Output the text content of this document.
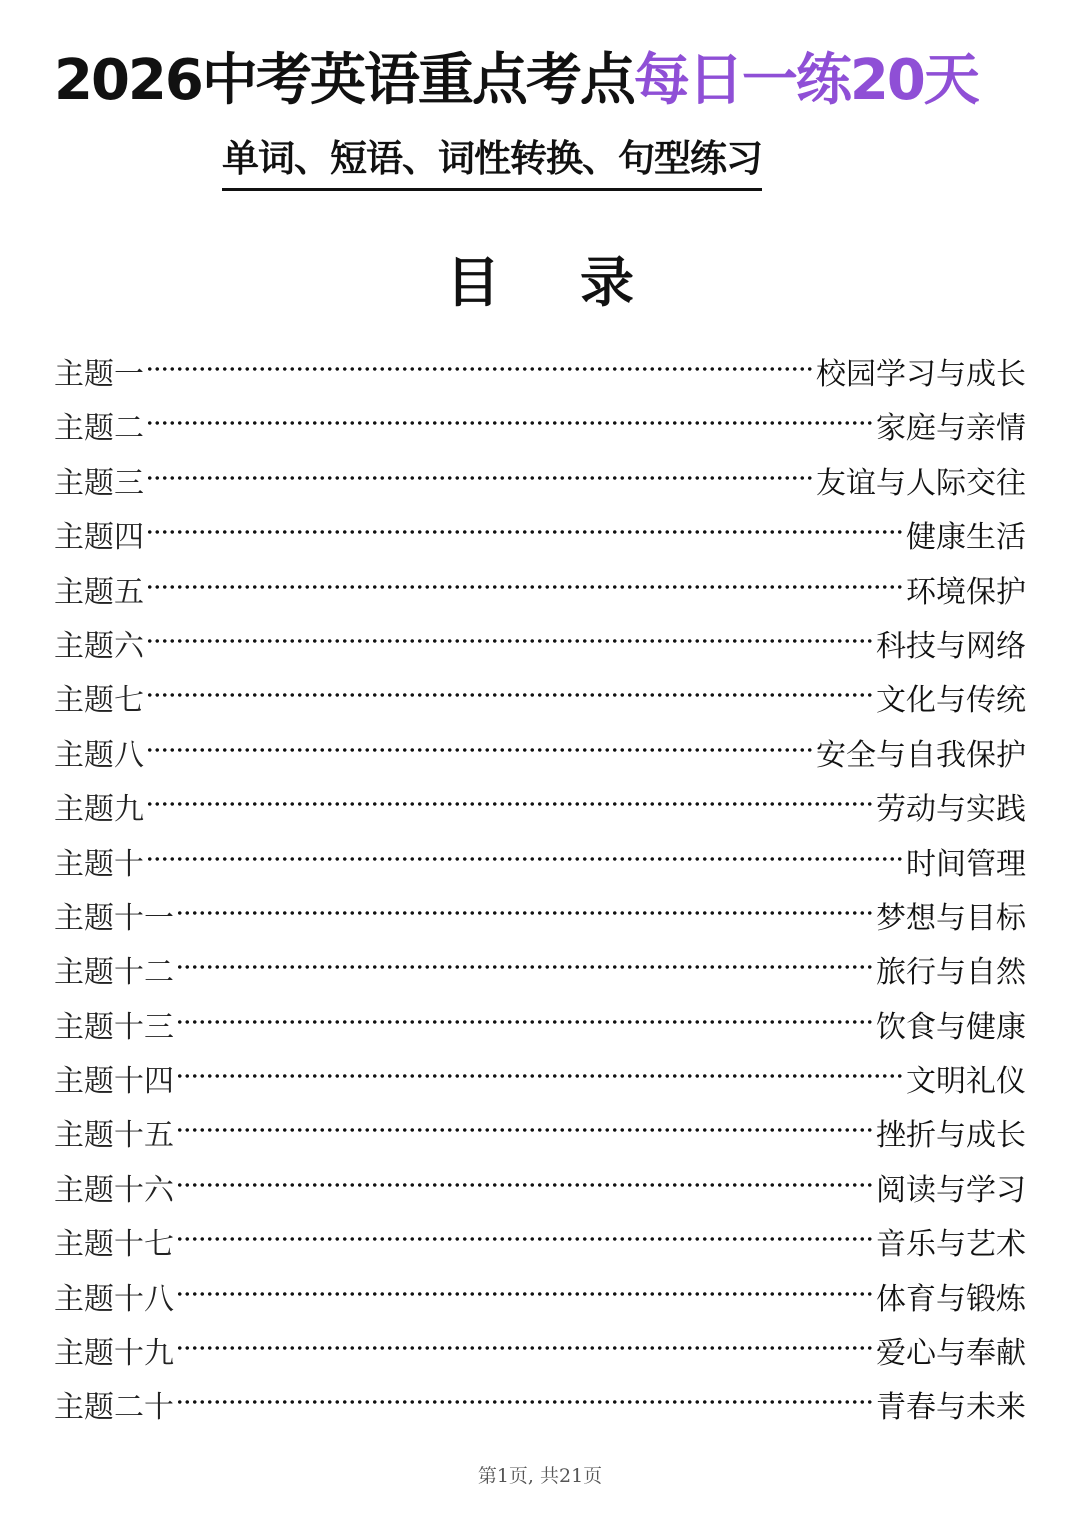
2026中考英语重点考点每日一练20天
单词、短语、词性转换、句型练习
目录
主题一	校园学习与成长
主题二	家庭与亲情
主题三	友谊与人际交往
主题四	健康生活
主题五	环境保护
主题六	科技与网络
主题七	文化与传统
主题八	安全与自我保护
主题九	劳动与实践
主题十	时间管理
主题十一	梦想与目标
主题十二	旅行与自然
主题十三	饮食与健康
主题十四	文明礼仪
主题十五	挫折与成长
主题十六	阅读与学习
主题十七	音乐与艺术
主题十八	体育与锻炼
主题十九	爱心与奉献
主题二十	青春与未来
第1页, 共21页
